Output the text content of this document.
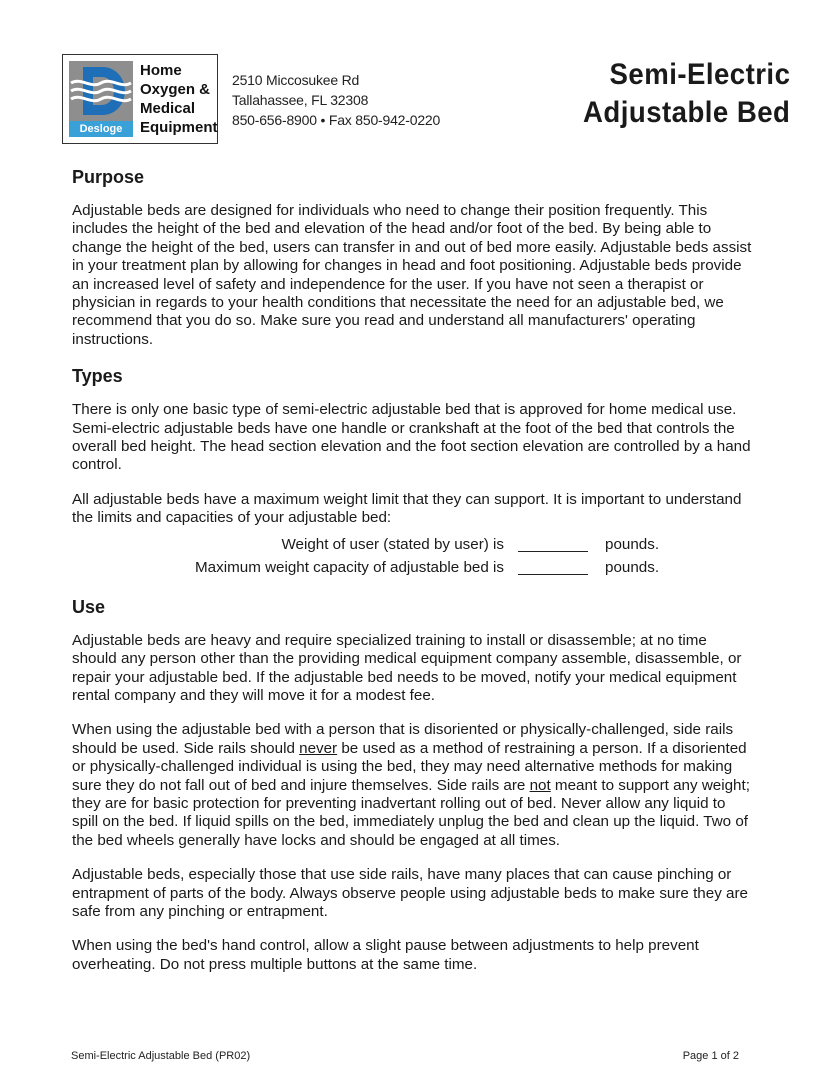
Desloge
Home
Oxygen &
Medical
Equipment
2510 Miccosukee Rd
Tallahassee, FL 32308
850-656-8900 • Fax 850-942-0220
Semi-Electric
Adjustable Bed
Purpose

Adjustable beds are designed for individuals who need to change their position frequently. This includes the height of the bed and elevation of the head and/or foot of the bed. By being able to change the height of the bed, users can transfer in and out of bed more easily. Adjustable beds assist in your treatment plan by allowing for changes in head and foot positioning. Adjustable beds provide an increased level of safety and independence for the user. If you have not seen a therapist or physician in regards to your health conditions that necessitate the need for an adjustable bed, we recommend that you do so. Make sure you read and understand all manufacturers' operating instructions.

Types

There is only one basic type of semi-electric adjustable bed that is approved for home medical use. Semi-electric adjustable beds have one handle or crankshaft at the foot of the bed that controls the overall bed height. The head section elevation and the foot section elevation are controlled by a hand control.

All adjustable beds have a maximum weight limit that they can support. It is important to understand the limits and capacities of your adjustable bed:

Weight of user (stated by user) is	pounds.
Maximum weight capacity of adjustable bed is	pounds.
Use

Adjustable beds are heavy and require specialized training to install or disassemble; at no time should any person other than the providing medical equipment company assemble, disassemble, or repair your adjustable bed. If the adjustable bed needs to be moved, notify your medical equipment rental company and they will move it for a modest fee.

When using the adjustable bed with a person that is disoriented or physically-challenged, side rails should be used. Side rails should never be used as a method of restraining a person. If a disoriented or physically-challenged individual is using the bed, they may need alternative methods for making sure they do not fall out of bed and injure themselves. Side rails are not meant to support any weight; they are for basic protection for preventing inadvertant rolling out of bed. Never allow any liquid to spill on the bed. If liquid spills on the bed, immediately unplug the bed and clean up the liquid. Two of the bed wheels generally have locks and should be engaged at all times.

Adjustable beds, especially those that use side rails, have many places that can cause pinching or entrapment of parts of the body. Always observe people using adjustable beds to make sure they are safe from any pinching or entrapment.

When using the bed's hand control, allow a slight pause between adjustments to help prevent overheating. Do not press multiple buttons at the same time.

Semi-Electric Adjustable Bed (PR02)	Page 1 of 2
